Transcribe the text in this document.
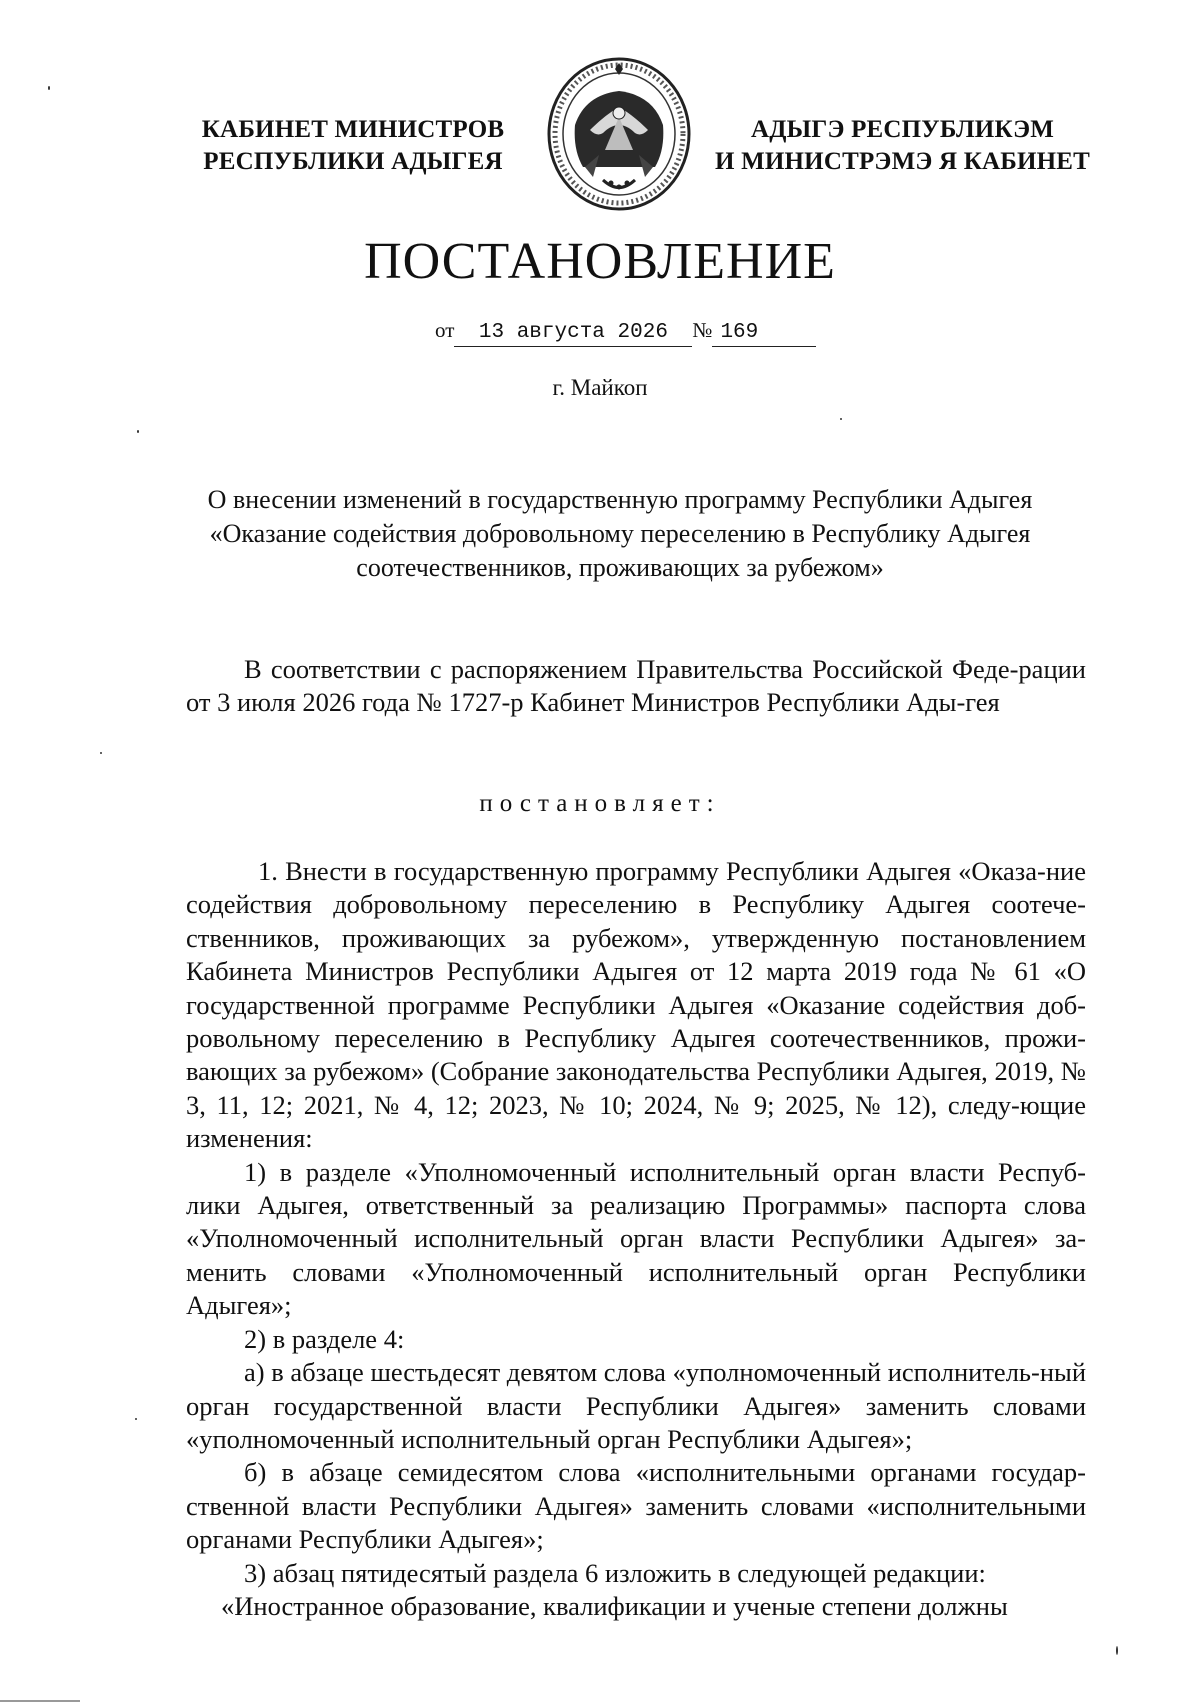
КАБИНЕТ МИНИСТРОВ
РЕСПУБЛИКИ АДЫГЕЯ
АДЫГЭ РЕСПУБЛИКЭМ
И МИНИСТРЭМЭ Я КАБИНЕТ
ПОСТАНОВЛЕНИЕ
от 13 августа 2026 № 169
г. Майкоп
О внесении изменений в государственную программу Республики Адыгея
«Оказание содействия добровольному переселению в Республику Адыгея
соотечественников, проживающих за рубежом»

В соответствии с распоряжением Правительства Российской Феде-рации от 3 июля 2026 года № 1727-р Кабинет Министров Республики Ады-гея

постановляет:

1. Внести в государственную программу Республики Адыгея «Оказа-ние содействия добровольному переселению в Республику Адыгея соотече-ственников, проживающих за рубежом», утвержденную постановлением Кабинета Министров Республики Адыгея от 12 марта 2019 года № 61 «О государственной программе Республики Адыгея «Оказание содействия доб-ровольному переселению в Республику Адыгея соотечественников, прожи-вающих за рубежом» (Собрание законодательства Республики Адыгея, 2019, № 3, 11, 12; 2021, № 4, 12; 2023, № 10; 2024, № 9; 2025, № 12), следу-ющие изменения:

1) в разделе «Уполномоченный исполнительный орган власти Респуб-лики Адыгея, ответственный за реализацию Программы» паспорта слова «Уполномоченный исполнительный орган власти Республики Адыгея» за-менить словами «Уполномоченный исполнительный орган Республики Адыгея»;

2) в разделе 4:

а) в абзаце шестьдесят девятом слова «уполномоченный исполнитель-ный орган государственной власти Республики Адыгея» заменить словами «уполномоченный исполнительный орган Республики Адыгея»;

б) в абзаце семидесятом слова «исполнительными органами государ-ственной власти Республики Адыгея» заменить словами «исполнительными органами Республики Адыгея»;

3) абзац пятидесятый раздела 6 изложить в следующей редакции:

«Иностранное образование, квалификации и ученые степени должны
